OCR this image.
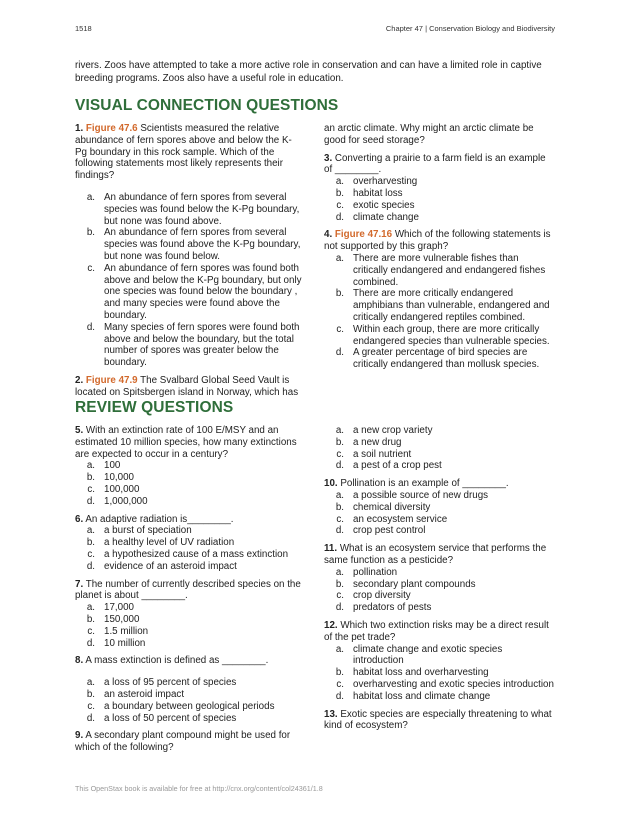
1518	Chapter 47 | Conservation Biology and Biodiversity

rivers. Zoos have attempted to take a more active role in conservation and can have a limited role in captive breeding programs. Zoos also have a useful role in education.

VISUAL CONNECTION QUESTIONS

1. Figure 47.6 Scientists measured the relative abundance of fern spores above and below the K-Pg boundary in this rock sample. Which of the following statements most likely represents their findings?

a. An abundance of fern spores from several species was found below the K-Pg boundary, but none was found above.
b. An abundance of fern spores from several species was found above the K-Pg boundary, but none was found below.
c. An abundance of fern spores was found both above and below the K-Pg boundary, but only one species was found below the boundary , and many species were found above the boundary.
d. Many species of fern spores were found both above and below the boundary, but the total number of spores was greater below the boundary.

2. Figure 47.9 The Svalbard Global Seed Vault is located on Spitsbergen island in Norway, which has

an arctic climate. Why might an arctic climate be good for seed storage?

3. Converting a prairie to a farm field is an example of ________.

a. overharvesting
b. habitat loss
c. exotic species
d. climate change

4. Figure 47.16 Which of the following statements is not supported by this graph?

a. There are more vulnerable fishes than critically endangered and endangered fishes combined.
b. There are more critically endangered amphibians than vulnerable, endangered and critically endangered reptiles combined.
c. Within each group, there are more critically endangered species than vulnerable species.
d. A greater percentage of bird species are critically endangered than mollusk species.
REVIEW QUESTIONS

5. With an extinction rate of 100 E/MSY and an estimated 10 million species, how many extinctions are expected to occur in a century?

a. 100
b. 10,000
c. 100,000
d. 1,000,000

6. An adaptive radiation is________.

a. a burst of speciation
b. a healthy level of UV radiation
c. a hypothesized cause of a mass extinction
d. evidence of an asteroid impact

7. The number of currently described species on the planet is about ________.

a. 17,000
b. 150,000
c. 1.5 million
d. 10 million

8. A mass extinction is defined as ________.

a. a loss of 95 percent of species
b. an asteroid impact
c. a boundary between geological periods
d. a loss of 50 percent of species

9. A secondary plant compound might be used for which of the following?

a. a new crop variety
b. a new drug
c. a soil nutrient
d. a pest of a crop pest

10. Pollination is an example of ________.

a. a possible source of new drugs
b. chemical diversity
c. an ecosystem service
d. crop pest control

11. What is an ecosystem service that performs the same function as a pesticide?

a. pollination
b. secondary plant compounds
c. crop diversity
d. predators of pests

12. Which two extinction risks may be a direct result of the pet trade?

a. climate change and exotic species introduction
b. habitat loss and overharvesting
c. overharvesting and exotic species introduction
d. habitat loss and climate change

13. Exotic species are especially threatening to what kind of ecosystem?

This OpenStax book is available for free at http://cnx.org/content/col24361/1.8
